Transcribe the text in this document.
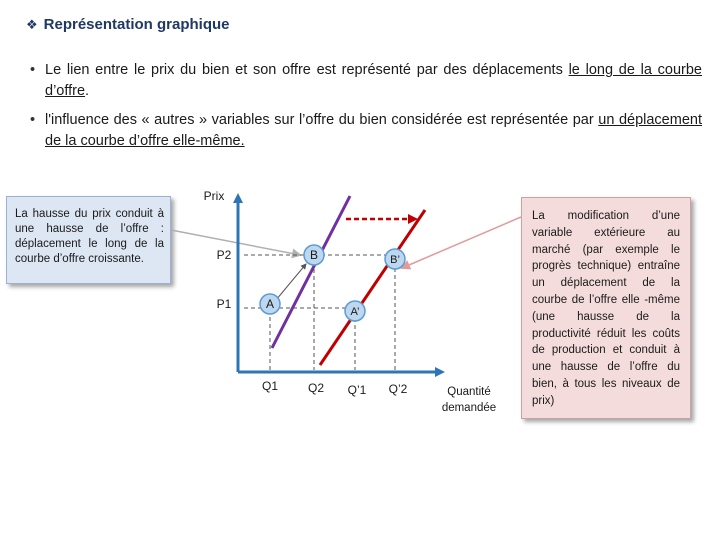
❖ Représentation graphique
• Le lien entre le prix du bien et son offre est représenté par des déplacements le long de la courbe d’offre.
• l'influence des « autres » variables sur l’offre du bien considérée est représentée par un déplacement de la courbe d’offre elle-même.
La hausse du prix conduit à une hausse de l’offre : déplacement le long de la courbe d’offre croissante.
La modification d’une variable extérieure au marché (par exemple le progrès technique) entraîne un déplacement de la courbe de l’offre elle -même (une hausse de la productivité réduit les coûts de production et conduit à une hausse de l’offre du bien, à tous les niveaux de prix)
B
A
B’
A’
Prix
P2
P1
Q1 Q2 Q’1 Q’2	Quantité
demandée
